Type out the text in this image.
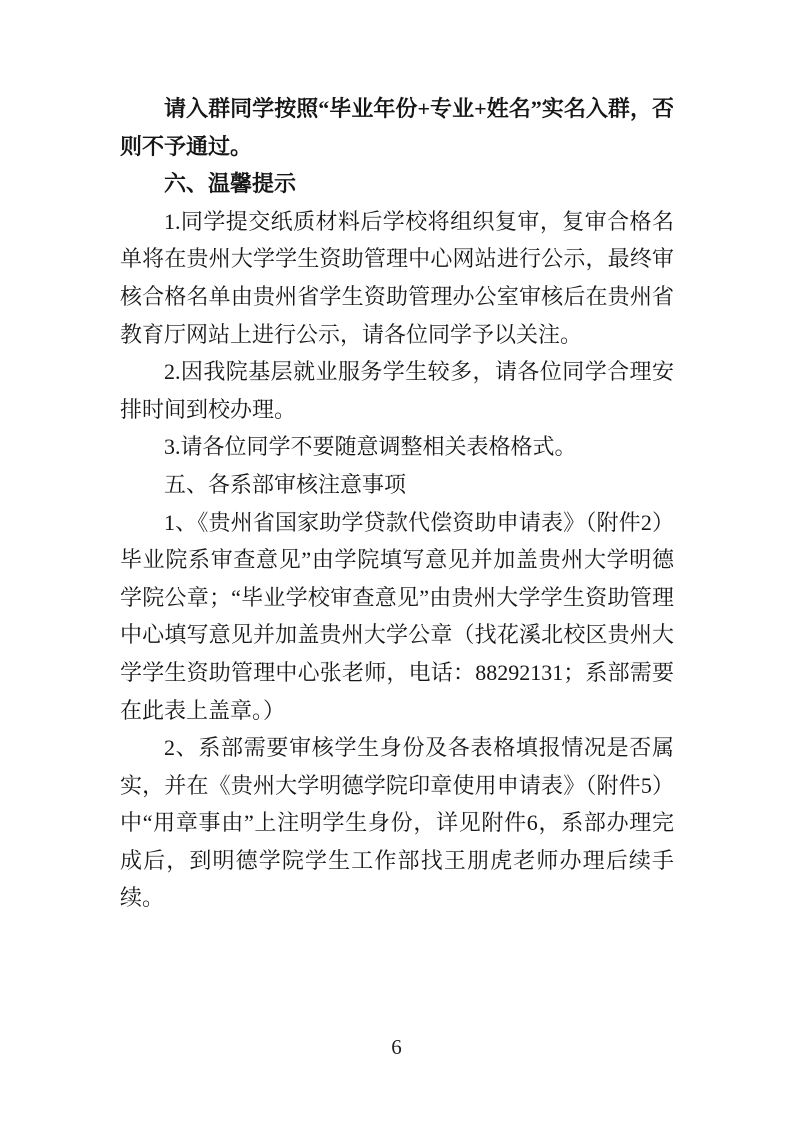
请入群同学按照“毕业年份+专业+姓名”实名入群，否则不予通过。

六、温馨提示

1.同学提交纸质材料后学校将组织复审，复审合格名单将在贵州大学学生资助管理中心网站进行公示，最终审核合格名单由贵州省学生资助管理办公室审核后在贵州省教育厅网站上进行公示，请各位同学予以关注。

2.因我院基层就业服务学生较多，请各位同学合理安排时间到校办理。

3.请各位同学不要随意调整相关表格格式。

五、各系部审核注意事项

1、《贵州省国家助学贷款代偿资助申请表》（附件2）毕业院系审查意见”由学院填写意见并加盖贵州大学明德学院公章；“毕业学校审查意见”由贵州大学学生资助管理中心填写意见并加盖贵州大学公章（找花溪北校区贵州大学学生资助管理中心张老师，电话：88292131；系部需要在此表上盖章。）

2、系部需要审核学生身份及各表格填报情况是否属实，并在《贵州大学明德学院印章使用申请表》（附件5）中“用章事由”上注明学生身份，详见附件6，系部办理完成后，到明德学院学生工作部找王朋虎老师办理后续手续。

6
